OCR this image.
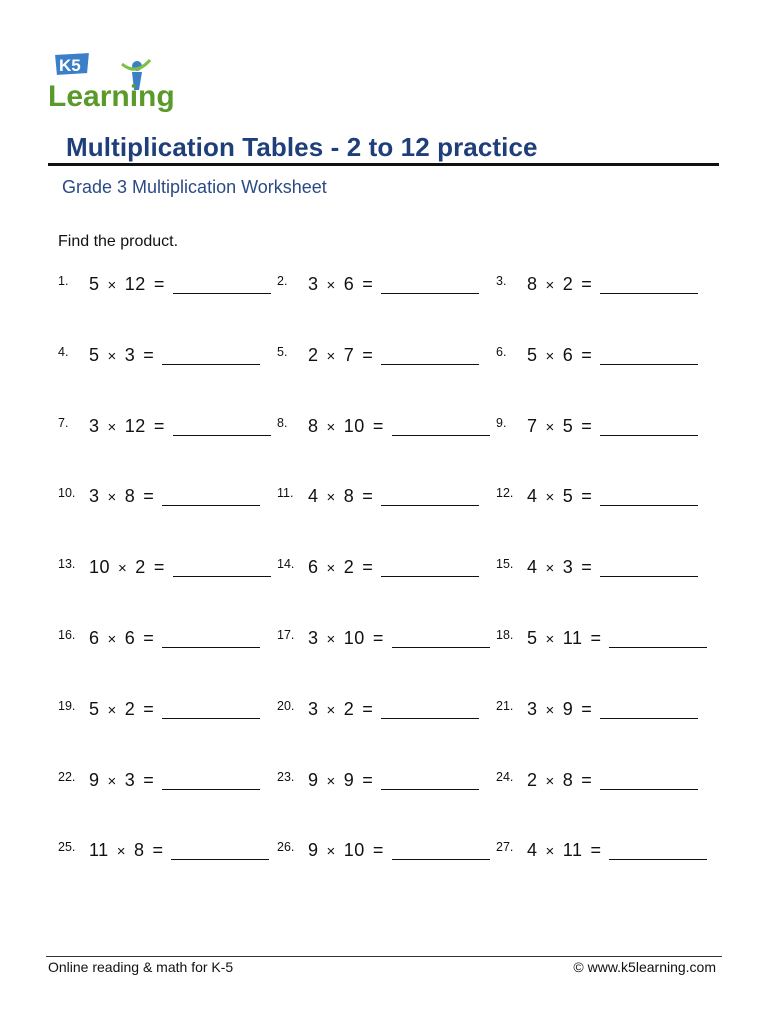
K5
Learning
Multiplication Tables - 2 to 12 practice
Grade 3 Multiplication Worksheet
Find the product.
1. 5 × 12 =	2. 3 × 6 =	3. 8 × 2 =
4. 5 × 3 =	5. 2 × 7 =	6. 5 × 6 =
7. 3 × 12 =	8. 8 × 10 =	9. 7 × 5 =
10. 3 × 8 =	11. 4 × 8 =	12. 4 × 5 =
13. 10 × 2 =	14. 6 × 2 =	15. 4 × 3 =
16. 6 × 6 =	17. 3 × 10 =	18. 5 × 11 =
19. 5 × 2 =	20. 3 × 2 =	21. 3 × 9 =
22. 9 × 3 =	23. 9 × 9 =	24. 2 × 8 =
25. 11 × 8 =	26. 9 × 10 =	27. 4 × 11 =
Online reading & math for K-5	© www.k5learning.com
